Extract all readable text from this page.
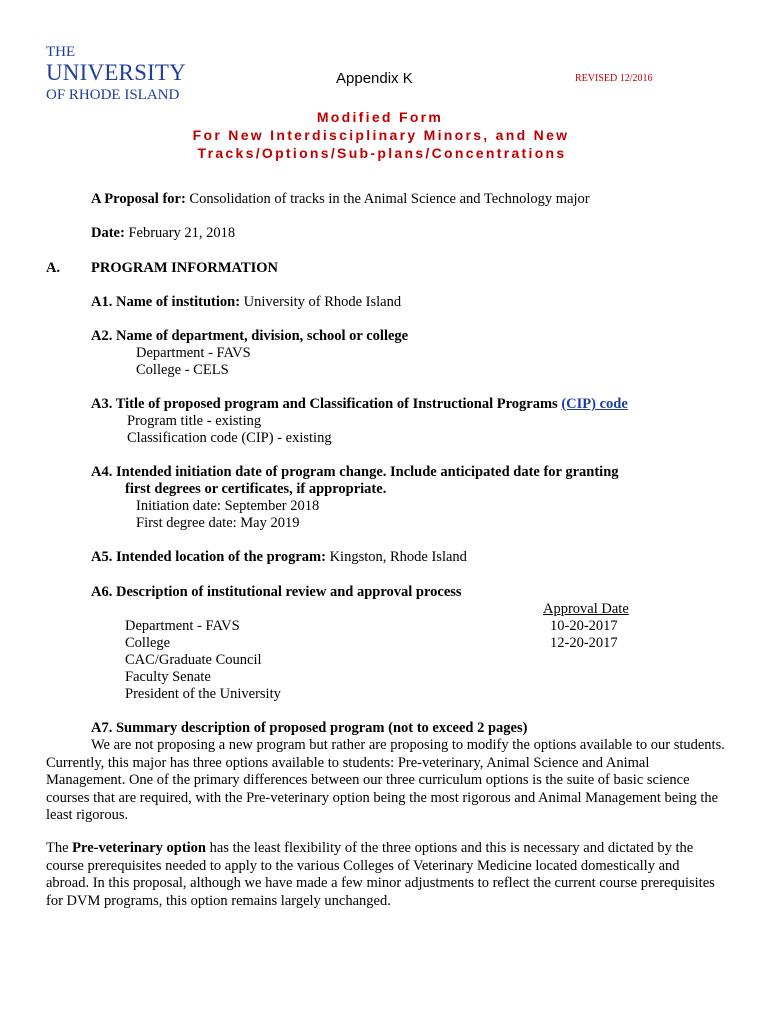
THE
UNIVERSITY
OF RHODE ISLAND
Appendix K	REVISED 12/2016
Modified Form
For New Interdisciplinary Minors, and New
Tracks/Options/Sub-plans/Concentrations
A Proposal for: Consolidation of tracks in the Animal Science and Technology major
Date: February 21, 2018
A. PROGRAM INFORMATION
A1. Name of institution: University of Rhode Island
A2. Name of department, division, school or college
Department - FAVS
College - CELS
A3. Title of proposed program and Classification of Instructional Programs (CIP) code
Program title - existing
Classification code (CIP) - existing
A4. Intended initiation date of program change. Include anticipated date for granting
first degrees or certificates, if appropriate.
Initiation date: September 2018
First degree date: May 2019
A5. Intended location of the program: Kingston, Rhode Island
A6. Description of institutional review and approval process
Approval Date
Department - FAVS	10-20-2017
College	12-20-2017
CAC/Graduate Council
Faculty Senate
President of the University
A7. Summary description of proposed program (not to exceed 2 pages)
We are not proposing a new program but rather are proposing to modify the options available to our students. Currently, this major has three options available to students: Pre-veterinary, Animal Science and Animal Management. One of the primary differences between our three curriculum options is the suite of basic science courses that are required, with the Pre-veterinary option being the most rigorous and Animal Management being the least rigorous.
The Pre-veterinary option has the least flexibility of the three options and this is necessary and dictated by the course prerequisites needed to apply to the various Colleges of Veterinary Medicine located domestically and abroad. In this proposal, although we have made a few minor adjustments to reflect the current course prerequisites for DVM programs, this option remains largely unchanged.
